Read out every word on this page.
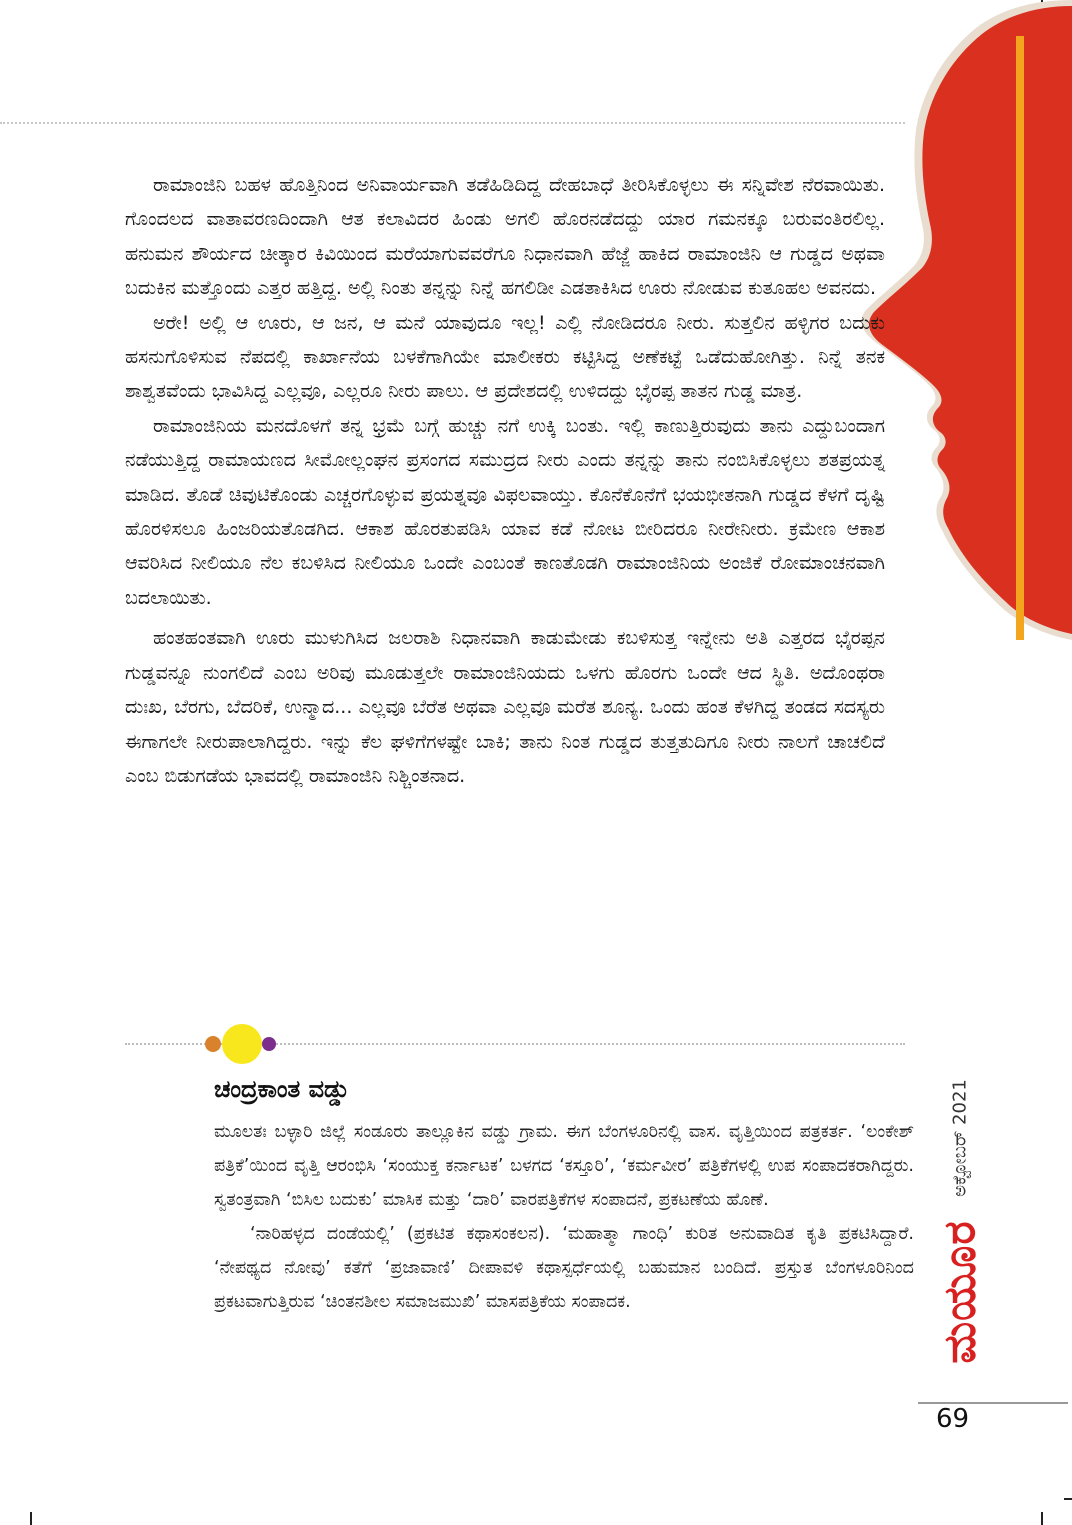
ರಾಮಾಂಜಿನಿ ಬಹಳ ಹೊತ್ತಿನಿಂದ ಅನಿವಾರ್ಯವಾಗಿ ತಡೆಹಿಡಿದಿದ್ದ ದೇಹಬಾಧೆ ತೀರಿಸಿಕೊಳ್ಳಲು ಈ ಸನ್ನಿವೇಶ ನೆರವಾಯಿತು. ಗೊಂದಲದ ವಾತಾವರಣದಿಂದಾಗಿ ಆತ ಕಲಾವಿದರ ಹಿಂಡು ಅಗಲಿ ಹೊರನಡೆದದ್ದು ಯಾರ ಗಮನಕ್ಕೂ ಬರುವಂತಿರಲಿಲ್ಲ. ಹನುಮನ ಶೌರ್ಯದ ಚೀತ್ಕಾರ ಕಿವಿಯಿಂದ ಮರೆಯಾಗುವವರೆಗೂ ನಿಧಾನವಾಗಿ ಹೆಜ್ಜೆ ಹಾಕಿದ ರಾಮಾಂಜಿನಿ ಆ ಗುಡ್ಡದ ಅಥವಾ ಬದುಕಿನ ಮತ್ತೊಂದು ಎತ್ತರ ಹತ್ತಿದ್ದ. ಅಲ್ಲಿ ನಿಂತು ತನ್ನನ್ನು ನಿನ್ನೆ ಹಗಲಿಡೀ ಎಡತಾಕಿಸಿದ ಊರು ನೋಡುವ ಕುತೂಹಲ ಅವನದು.

ಅರೇ! ಅಲ್ಲಿ ಆ ಊರು, ಆ ಜನ, ಆ ಮನೆ ಯಾವುದೂ ಇಲ್ಲ! ಎಲ್ಲಿ ನೋಡಿದರೂ ನೀರು. ಸುತ್ತಲಿನ ಹಳ್ಳಿಗರ ಬದುಕು ಹಸನುಗೊಳಿಸುವ ನೆಪದಲ್ಲಿ ಕಾರ್ಖಾನೆಯ ಬಳಕೆಗಾಗಿಯೇ ಮಾಲೀಕರು ಕಟ್ಟಿಸಿದ್ದ ಅಣೆಕಟ್ಟೆ ಒಡೆದುಹೋಗಿತ್ತು. ನಿನ್ನೆ ತನಕ ಶಾಶ್ವತವೆಂದು ಭಾವಿಸಿದ್ದ ಎಲ್ಲವೂ, ಎಲ್ಲರೂ ನೀರು ಪಾಲು. ಆ ಪ್ರದೇಶದಲ್ಲಿ ಉಳಿದದ್ದು ಭೈರಪ್ಪ ತಾತನ ಗುಡ್ಡ ಮಾತ್ರ.

ರಾಮಾಂಜಿನಿಯ ಮನದೊಳಗೆ ತನ್ನ ಭ್ರಮೆ ಬಗ್ಗೆ ಹುಚ್ಚು ನಗೆ ಉಕ್ಕಿ ಬಂತು. ಇಲ್ಲಿ ಕಾಣುತ್ತಿರುವುದು ತಾನು ಎದ್ದುಬಂದಾಗ ನಡೆಯುತ್ತಿದ್ದ ರಾಮಾಯಣದ ಸೀಮೋಲ್ಲಂಘನ ಪ್ರಸಂಗದ ಸಮುದ್ರದ ನೀರು ಎಂದು ತನ್ನನ್ನು ತಾನು ನಂಬಿಸಿಕೊಳ್ಳಲು ಶತಪ್ರಯತ್ನ ಮಾಡಿದ. ತೊಡೆ ಚಿವುಟಿಕೊಂಡು ಎಚ್ಚರಗೊಳ್ಳುವ ಪ್ರಯತ್ನವೂ ವಿಫಲವಾಯ್ತು. ಕೊನೆಕೊನೆಗೆ ಭಯಭೀತನಾಗಿ ಗುಡ್ಡದ ಕೆಳಗೆ ದೃಷ್ಟಿ ಹೊರಳಿಸಲೂ ಹಿಂಜರಿಯತೊಡಗಿದ. ಆಕಾಶ ಹೊರತುಪಡಿಸಿ ಯಾವ ಕಡೆ ನೋಟ ಬೀರಿದರೂ ನೀರೇನೀರು. ಕ್ರಮೇಣ ಆಕಾಶ ಆವರಿಸಿದ ನೀಲಿಯೂ ನೆಲ ಕಬಳಿಸಿದ ನೀಲಿಯೂ ಒಂದೇ ಎಂಬಂತೆ ಕಾಣತೊಡಗಿ ರಾಮಾಂಜಿನಿಯ ಅಂಜಿಕೆ ರೋಮಾಂಚನವಾಗಿ ಬದಲಾಯಿತು.

ಹಂತಹಂತವಾಗಿ ಊರು ಮುಳುಗಿಸಿದ ಜಲರಾಶಿ ನಿಧಾನವಾಗಿ ಕಾಡುಮೇಡು ಕಬಳಿಸುತ್ತ ಇನ್ನೇನು ಅತಿ ಎತ್ತರದ ಭೈರಪ್ಪನ ಗುಡ್ಡವನ್ನೂ ನುಂಗಲಿದೆ ಎಂಬ ಅರಿವು ಮೂಡುತ್ತಲೇ ರಾಮಾಂಜಿನಿಯದು ಒಳಗು ಹೊರಗು ಒಂದೇ ಆದ ಸ್ಥಿತಿ. ಅದೊಂಥರಾ ದುಃಖ, ಬೆರಗು, ಬೆದರಿಕೆ, ಉನ್ಮಾದ... ಎಲ್ಲವೂ ಬೆರೆತ ಅಥವಾ ಎಲ್ಲವೂ ಮರೆತ ಶೂನ್ಯ. ಒಂದು ಹಂತ ಕೆಳಗಿದ್ದ ತಂಡದ ಸದಸ್ಯರು ಈಗಾಗಲೇ ನೀರುಪಾಲಾಗಿದ್ದರು. ಇನ್ನು ಕೆಲ ಘಳಿಗೆಗಳಷ್ಟೇ ಬಾಕಿ; ತಾನು ನಿಂತ ಗುಡ್ಡದ ತುತ್ತತುದಿಗೂ ನೀರು ನಾಲಗೆ ಚಾಚಲಿದೆ ಎಂಬ ಬಿಡುಗಡೆಯ ಭಾವದಲ್ಲಿ ರಾಮಾಂಜಿನಿ ನಿಶ್ಚಿಂತನಾದ.

ಚಂದ್ರಕಾಂತ ವಡ್ಡು

ಮೂಲತಃ ಬಳ್ಳಾರಿ ಜಿಲ್ಲೆ ಸಂಡೂರು ತಾಲ್ಲೂಕಿನ ವಡ್ಡು ಗ್ರಾಮ. ಈಗ ಬೆಂಗಳೂರಿನಲ್ಲಿ ವಾಸ. ವೃತ್ತಿಯಿಂದ ಪತ್ರಕರ್ತ. ‘ಲಂಕೇಶ್ ಪತ್ರಿಕೆ’ಯಿಂದ ವೃತ್ತಿ ಆರಂಭಿಸಿ ‘ಸಂಯುಕ್ತ ಕರ್ನಾಟಕ’ ಬಳಗದ ‘ಕಸ್ತೂರಿ’, ‘ಕರ್ಮವೀರ’ ಪತ್ರಿಕೆಗಳಲ್ಲಿ ಉಪ ಸಂಪಾದಕರಾಗಿದ್ದರು. ಸ್ವತಂತ್ರವಾಗಿ ‘ಬಿಸಿಲ ಬದುಕು’ ಮಾಸಿಕ ಮತ್ತು ‘ದಾರಿ’ ವಾರಪತ್ರಿಕೆಗಳ ಸಂಪಾದನೆ, ಪ್ರಕಟಣೆಯ ಹೊಣೆ.

‘ನಾರಿಹಳ್ಳದ ದಂಡೆಯಲ್ಲಿ’ (ಪ್ರಕಟಿತ ಕಥಾಸಂಕಲನ). ‘ಮಹಾತ್ಮಾ ಗಾಂಧಿ’ ಕುರಿತ ಅನುವಾದಿತ ಕೃತಿ ಪ್ರಕಟಿಸಿದ್ದಾರೆ. ‘ನೇಪಥ್ಯದ ನೋವು’ ಕತೆಗೆ ‘ಪ್ರಜಾವಾಣಿ’ ದೀಪಾವಳಿ ಕಥಾಸ್ಪರ್ಧೆಯಲ್ಲಿ ಬಹುಮಾನ ಬಂದಿದೆ. ಪ್ರಸ್ತುತ ಬೆಂಗಳೂರಿನಿಂದ ಪ್ರಕಟವಾಗುತ್ತಿರುವ ‘ಚಿಂತನಶೀಲ ಸಮಾಜಮುಖಿ’ ಮಾಸಪತ್ರಿಕೆಯ ಸಂಪಾದಕ.

ಅಕ್ಟೋಬರ್ 2021
ಮಯೂರ
69
